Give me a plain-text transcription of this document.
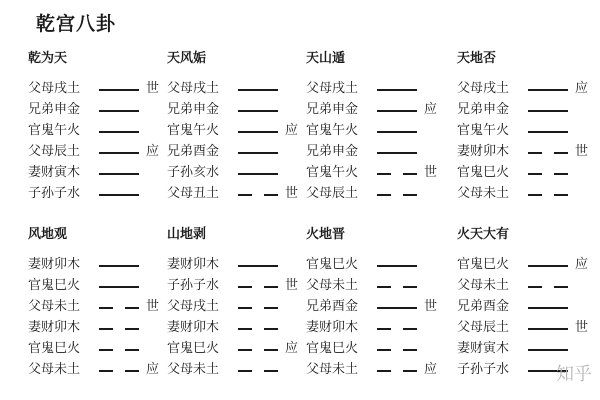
乾宫八卦
乾为天
父母戌土	世
兄弟申金
官鬼午火
父母辰土	应
妻财寅木
子孙子水
天风姤
父母戌土
兄弟申金
官鬼午火	应
兄弟酉金
子孙亥水
父母丑土	世
天山遁
父母戌土
兄弟申金	应
官鬼午火
兄弟申金
官鬼午火	世
父母辰土
天地否
父母戌土	应
兄弟申金
官鬼午火
妻财卯木	世
官鬼巳火
父母未土
风地观
妻财卯木
官鬼巳火
父母未土	世
妻财卯木
官鬼巳火
父母未土	应
山地剥
妻财卯木
子孙子水	世
父母戌土
妻财卯木
官鬼巳火	应
父母未土
火地晋
官鬼巳火
父母未土
兄弟酉金	世
妻财卯木
官鬼巳火
父母未土	应
火天大有
官鬼巳火	应
父母未土
兄弟酉金
父母辰土	世
妻财寅木
子孙子水	知乎
